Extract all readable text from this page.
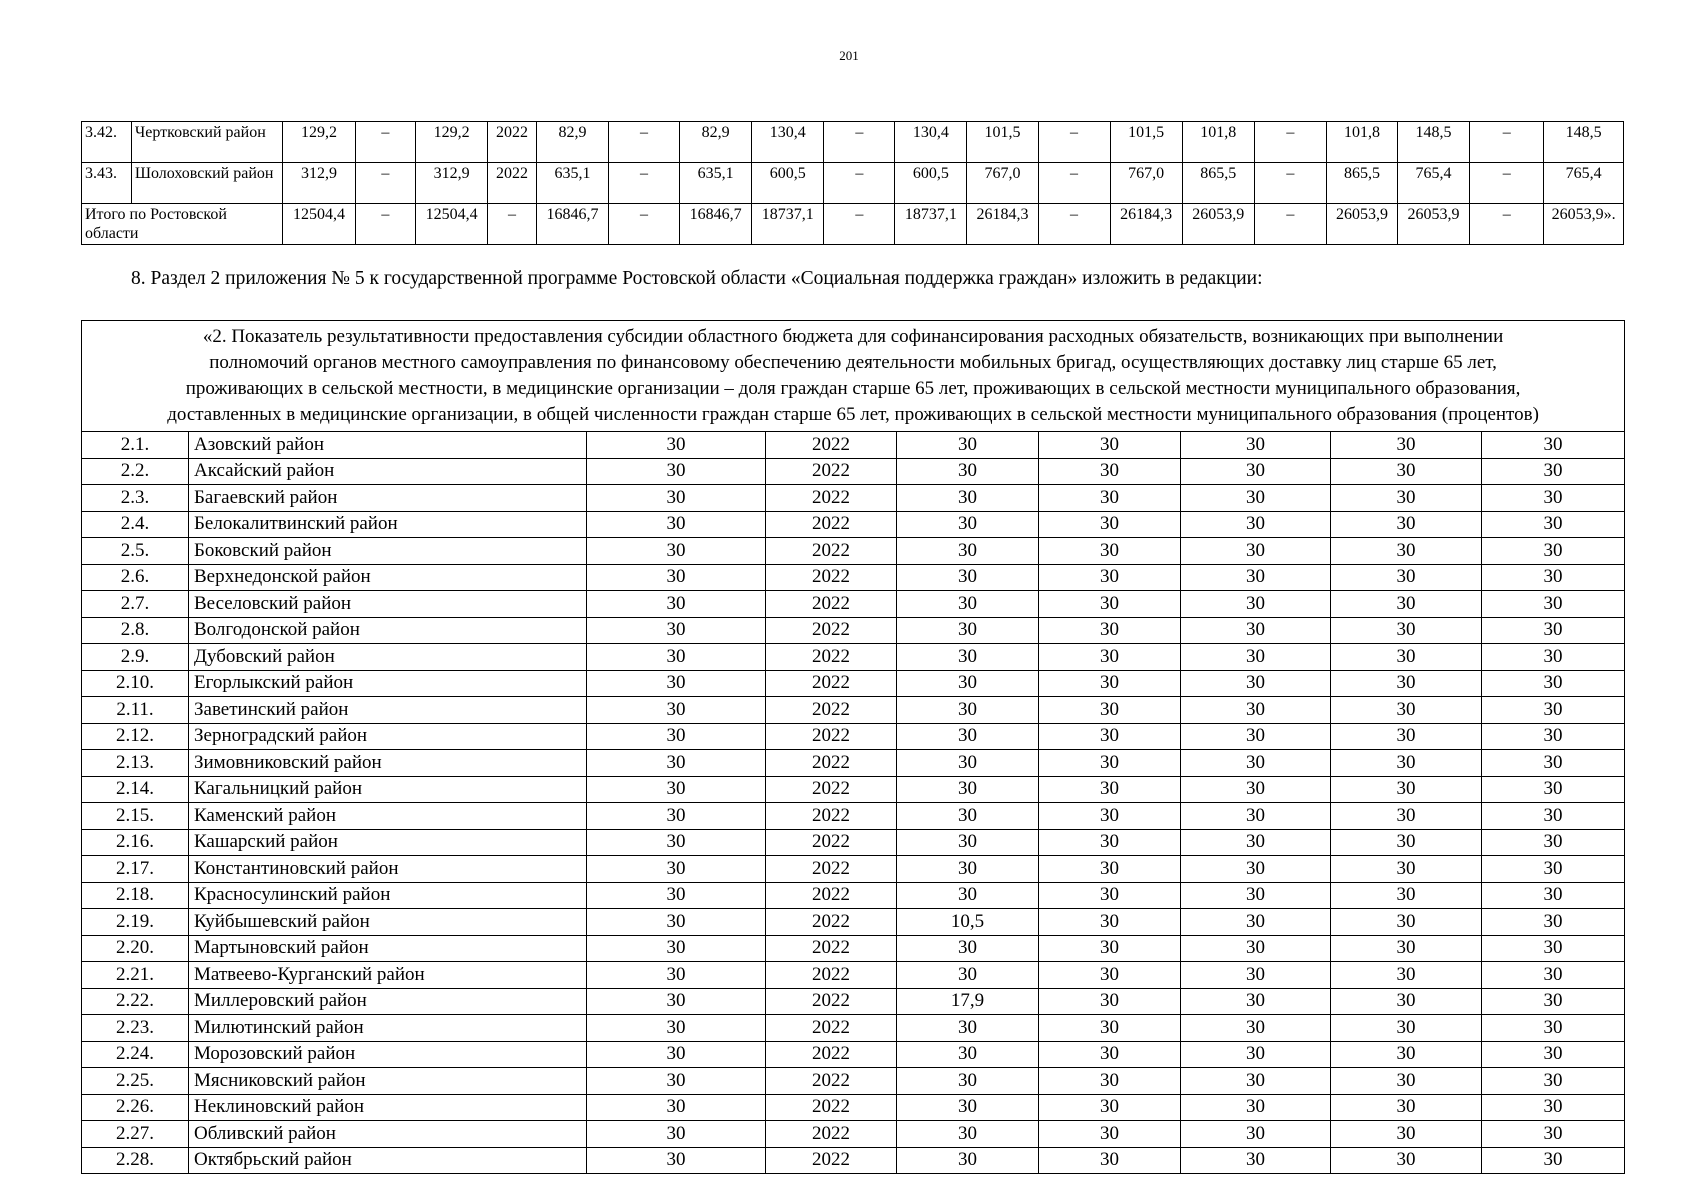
201
3.42.	Чертковский район	129,2	–	129,2	2022	82,9	–	82,9	130,4	–	130,4	101,5	–	101,5	101,8	–	101,8	148,5	–	148,5
3.43.	Шолоховский район	312,9	–	312,9	2022	635,1	–	635,1	600,5	–	600,5	767,0	–	767,0	865,5	–	865,5	765,4	–	765,4
Итого по Ростовской области		12504,4	–	12504,4	–	16846,7	–	16846,7	18737,1	–	18737,1	26184,3	–	26184,3	26053,9	–	26053,9	26053,9	–	26053,9».
8. Раздел 2 приложения № 5 к государственной программе Ростовской области «Социальная поддержка граждан» изложить в редакции:
«2. Показатель результативности предоставления субсидии областного бюджета для софинансирования расходных обязательств, возникающих при выполнении
полномочий органов местного самоуправления по финансовому обеспечению деятельности мобильных бригад, осуществляющих доставку лиц старше 65 лет,
проживающих в сельской местности, в медицинские организации – доля граждан старше 65 лет, проживающих в сельской местности муниципального образования,
доставленных в медицинские организации, в общей численности граждан старше 65 лет, проживающих в сельской местности муниципального образования (процентов)								

2.1.	Азовский район	30	2022	30	30	30	30	30
2.2.	Аксайский район	30	2022	30	30	30	30	30
2.3.	Багаевский район	30	2022	30	30	30	30	30
2.4.	Белокалитвинский район	30	2022	30	30	30	30	30
2.5.	Боковский район	30	2022	30	30	30	30	30
2.6.	Верхнедонской район	30	2022	30	30	30	30	30
2.7.	Веселовский район	30	2022	30	30	30	30	30
2.8.	Волгодонской район	30	2022	30	30	30	30	30
2.9.	Дубовский район	30	2022	30	30	30	30	30
2.10.	Егорлыкский район	30	2022	30	30	30	30	30
2.11.	Заветинский район	30	2022	30	30	30	30	30
2.12.	Зерноградский район	30	2022	30	30	30	30	30
2.13.	Зимовниковский район	30	2022	30	30	30	30	30
2.14.	Кагальницкий район	30	2022	30	30	30	30	30
2.15.	Каменский район	30	2022	30	30	30	30	30
2.16.	Кашарский район	30	2022	30	30	30	30	30
2.17.	Константиновский район	30	2022	30	30	30	30	30
2.18.	Красносулинский район	30	2022	30	30	30	30	30
2.19.	Куйбышевский район	30	2022	10,5	30	30	30	30
2.20.	Мартыновский район	30	2022	30	30	30	30	30
2.21.	Матвеево-Курганский район	30	2022	30	30	30	30	30
2.22.	Миллеровский район	30	2022	17,9	30	30	30	30
2.23.	Милютинский район	30	2022	30	30	30	30	30
2.24.	Морозовский район	30	2022	30	30	30	30	30
2.25.	Мясниковский район	30	2022	30	30	30	30	30
2.26.	Неклиновский район	30	2022	30	30	30	30	30
2.27.	Обливский район	30	2022	30	30	30	30	30
2.28.	Октябрьский район	30	2022	30	30	30	30	30
